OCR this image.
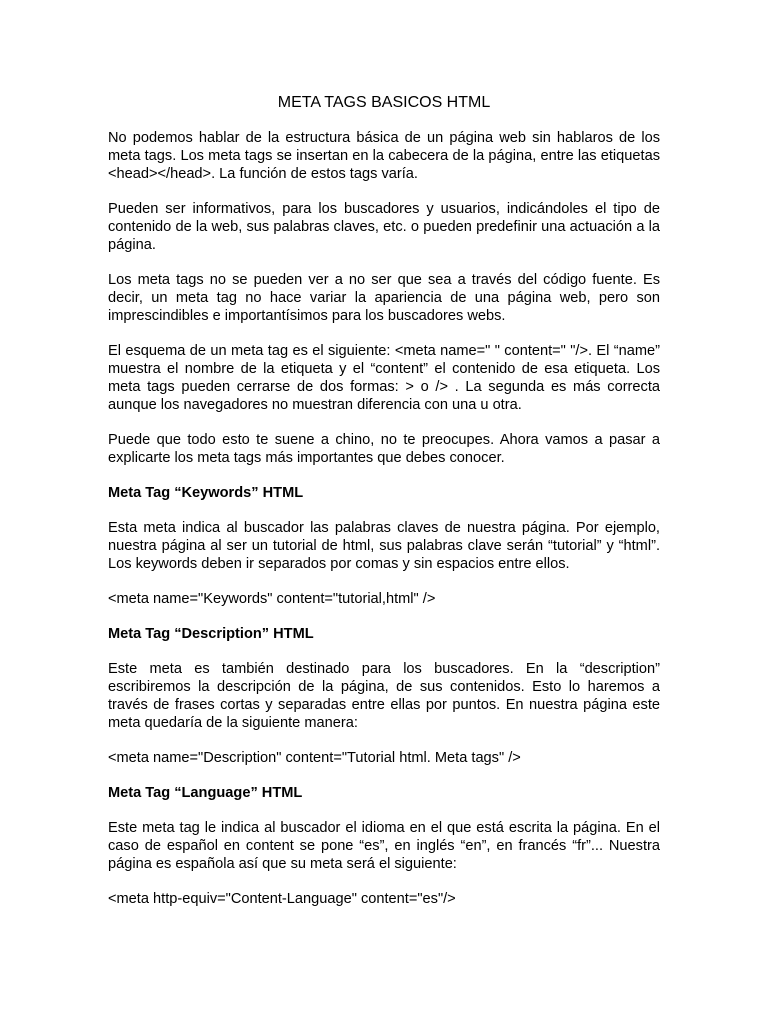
META TAGS BASICOS HTML

No podemos hablar de la estructura básica de un página web sin hablaros de los meta tags. Los meta tags se insertan en la cabecera de la página, entre las etiquetas <head></head>. La función de estos tags varía.

Pueden ser informativos, para los buscadores y usuarios, indicándoles el tipo de contenido de la web, sus palabras claves, etc. o pueden predefinir una actuación a la página.

Los meta tags no se pueden ver a no ser que sea a través del código fuente. Es decir, un meta tag no hace variar la apariencia de una página web, pero son imprescindibles e importantísimos para los buscadores webs.

El esquema de un meta tag es el siguiente: <meta name=" " content=" "/>. El “name” muestra el nombre de la etiqueta y el “content” el contenido de esa etiqueta. Los meta tags pueden cerrarse de dos formas: > o /> . La segunda es más correcta aunque los navegadores no muestran diferencia con una u otra.

Puede que todo esto te suene a chino, no te preocupes. Ahora vamos a pasar a explicarte los meta tags más importantes que debes conocer.

Meta Tag “Keywords” HTML

Esta meta indica al buscador las palabras claves de nuestra página. Por ejemplo, nuestra página al ser un tutorial de html, sus palabras clave serán “tutorial” y “html”. Los keywords deben ir separados por comas y sin espacios entre ellos.

<meta name="Keywords" content="tutorial,html" />

Meta Tag “Description” HTML

Este meta es también destinado para los buscadores. En la “description” escribiremos la descripción de la página, de sus contenidos. Esto lo haremos a través de frases cortas y separadas entre ellas por puntos. En nuestra página este meta quedaría de la siguiente manera:

<meta name="Description" content="Tutorial html. Meta tags" />

Meta Tag “Language” HTML

Este meta tag le indica al buscador el idioma en el que está escrita la página. En el caso de español en content se pone “es”, en inglés “en”, en francés “fr”... Nuestra página es española así que su meta será el siguiente:

<meta http-equiv="Content-Language" content="es"/>
